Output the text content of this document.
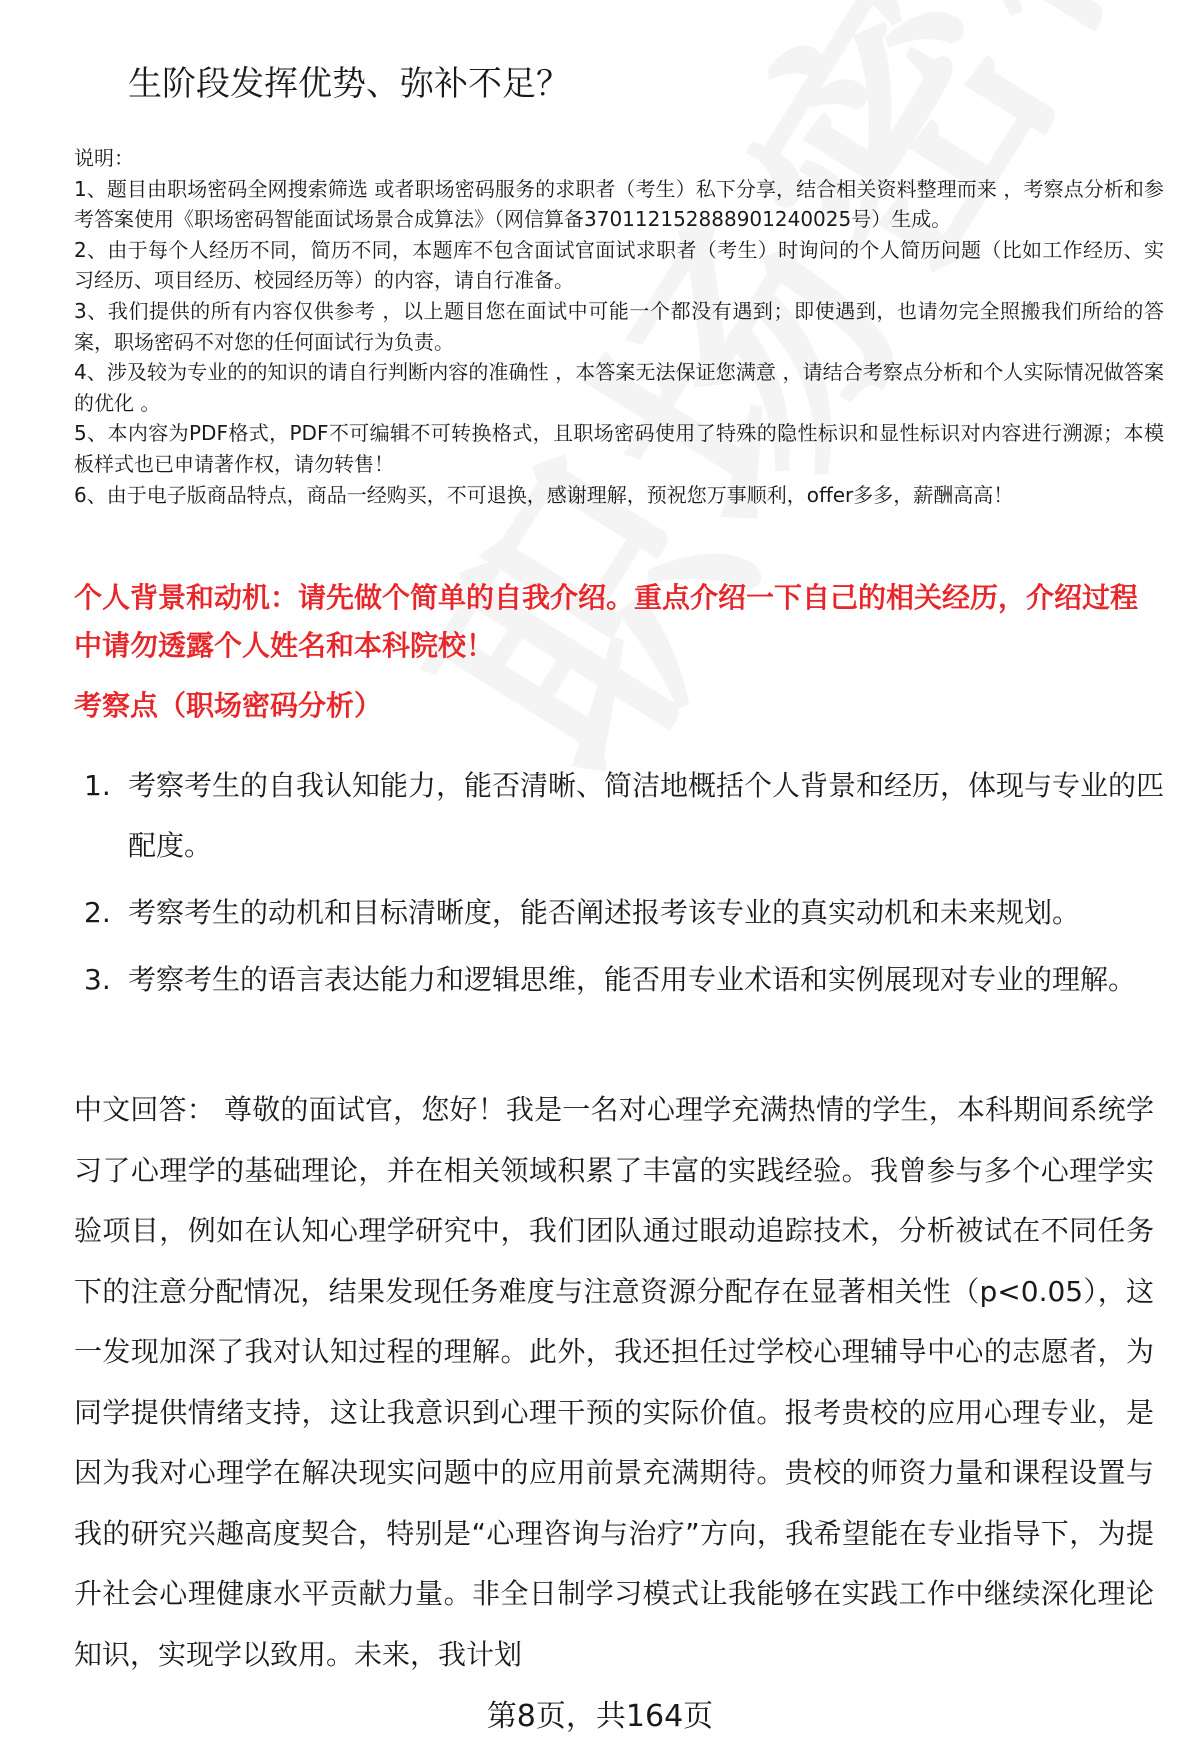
生阶段发挥优势、弥补不足？

说明：

1、题目由职场密码全网搜索筛选 或者职场密码服务的求职者（考生）私下分享，结合相关资料整理而来 ，考察点分析和参考答案使用《职场密码智能面试场景合成算法》（网信算备370112152888901240025号）生成。

2、由于每个人经历不同，简历不同，本题库不包含面试官面试求职者（考生）时询问的个人简历问题（比如工作经历、实习经历、项目经历、校园经历等）的内容，请自行准备。

3、我们提供的所有内容仅供参考 ，以上题目您在面试中可能一个都没有遇到；即使遇到，也请勿完全照搬我们所给的答案，职场密码不对您的任何面试行为负责。

4、涉及较为专业的的知识的请自行判断内容的准确性 ，本答案无法保证您满意 ，请结合考察点分析和个人实际情况做答案的优化 。

5、本内容为PDF格式，PDF不可编辑不可转换格式，且职场密码使用了特殊的隐性标识和显性标识对内容进行溯源；本模板样式也已申请著作权，请勿转售！

6、由于电子版商品特点，商品一经购买，不可退换，感谢理解，预祝您万事顺利，offer多多，薪酬高高！

个人背景和动机：请先做个简单的自我介绍。重点介绍一下自己的相关经历，介绍过程中请勿透露个人姓名和本科院校！

考察点（职场密码分析）

1. 考察考生的自我认知能力，能否清晰、简洁地概括个人背景和经历，体现与专业的匹配度。
2. 考察考生的动机和目标清晰度，能否阐述报考该专业的真实动机和未来规划。
3. 考察考生的语言表达能力和逻辑思维，能否用专业术语和实例展现对专业的理解。

中文回答： 尊敬的面试官，您好！我是一名对心理学充满热情的学生，本科期间系统学习了心理学的基础理论，并在相关领域积累了丰富的实践经验。我曾参与多个心理学实验项目，例如在认知心理学研究中，我们团队通过眼动追踪技术，分析被试在不同任务下的注意分配情况，结果发现任务难度与注意资源分配存在显著相关性（p<0.05），这一发现加深了我对认知过程的理解。此外，我还担任过学校心理辅导中心的志愿者，为同学提供情绪支持，这让我意识到心理干预的实际价值。报考贵校的应用心理专业，是因为我对心理学在解决现实问题中的应用前景充满期待。贵校的师资力量和课程设置与我的研究兴趣高度契合，特别是“心理咨询与治疗”方向，我希望能在专业指导下，为提升社会心理健康水平贡献力量。非全日制学习模式让我能够在实践工作中继续深化理论知识，实现学以致用。未来，我计划

第8页，共164页
